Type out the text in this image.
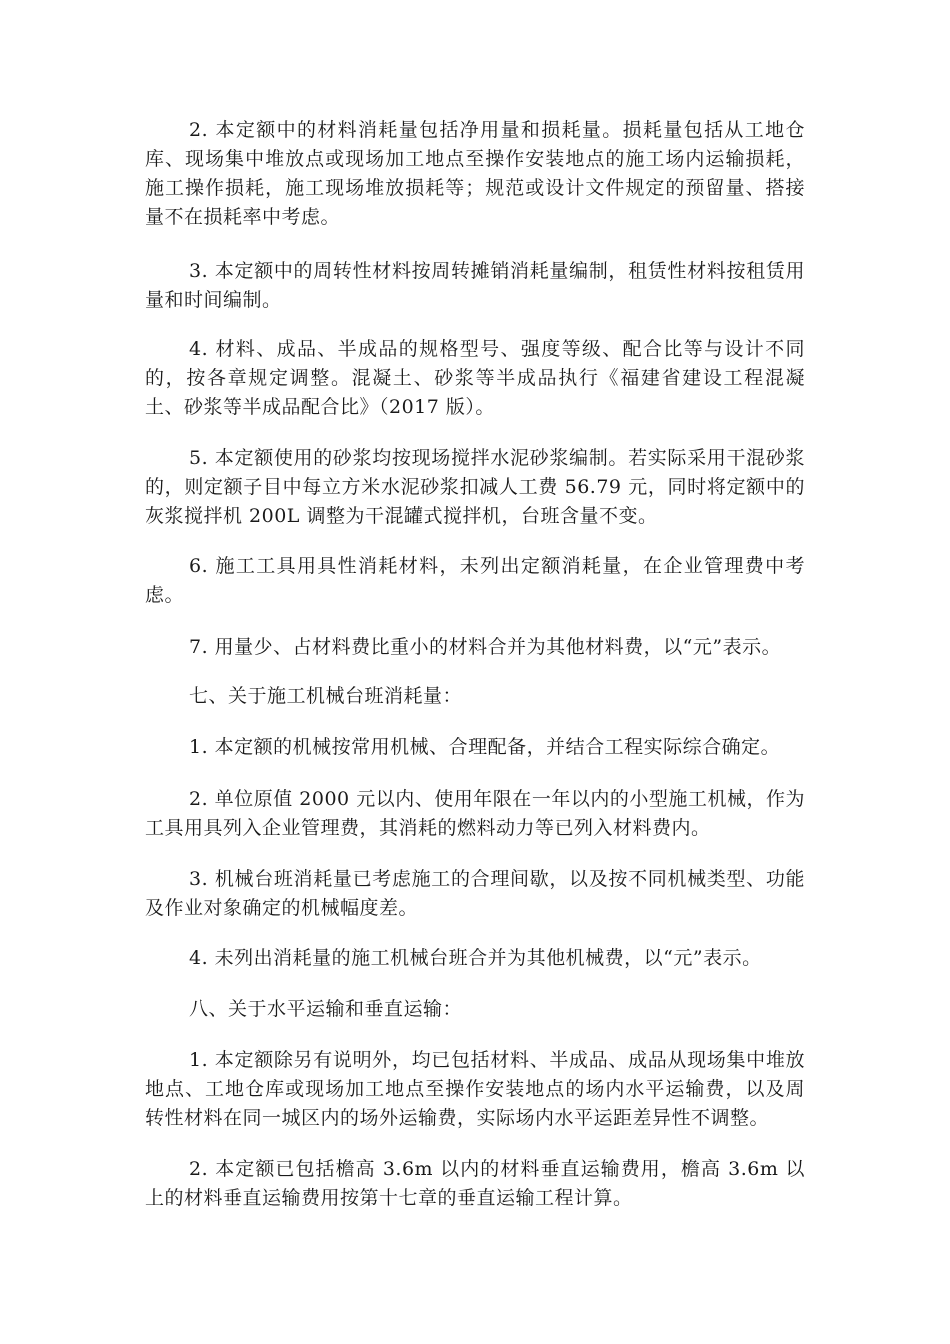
2. 本定额中的材料消耗量包括净用量和损耗量。损耗量包括从工地仓库、现场集中堆放点或现场加工地点至操作安装地点的施工场内运输损耗，施工操作损耗，施工现场堆放损耗等；规范或设计文件规定的预留量、搭接量不在损耗率中考虑。

3. 本定额中的周转性材料按周转摊销消耗量编制，租赁性材料按租赁用量和时间编制。

4. 材料、成品、半成品的规格型号、强度等级、配合比等与设计不同的，按各章规定调整。混凝土、砂浆等半成品执行《福建省建设工程混凝土、砂浆等半成品配合比》（2017 版）。

5. 本定额使用的砂浆均按现场搅拌水泥砂浆编制。若实际采用干混砂浆的，则定额子目中每立方米水泥砂浆扣减人工费 56.79 元，同时将定额中的灰浆搅拌机 200L 调整为干混罐式搅拌机，台班含量不变。

6. 施工工具用具性消耗材料，未列出定额消耗量，在企业管理费中考虑。

7. 用量少、占材料费比重小的材料合并为其他材料费，以“元”表示。

七、关于施工机械台班消耗量：

1. 本定额的机械按常用机械、合理配备，并结合工程实际综合确定。

2. 单位原值 2000 元以内、使用年限在一年以内的小型施工机械，作为工具用具列入企业管理费，其消耗的燃料动力等已列入材料费内。

3. 机械台班消耗量已考虑施工的合理间歇，以及按不同机械类型、功能及作业对象确定的机械幅度差。

4. 未列出消耗量的施工机械台班合并为其他机械费，以“元”表示。

八、关于水平运输和垂直运输：

1. 本定额除另有说明外，均已包括材料、半成品、成品从现场集中堆放地点、工地仓库或现场加工地点至操作安装地点的场内水平运输费，以及周转性材料在同一城区内的场外运输费，实际场内水平运距差异性不调整。

2. 本定额已包括檐高 3.6m 以内的材料垂直运输费用，檐高 3.6m 以上的材料垂直运输费用按第十七章的垂直运输工程计算。
